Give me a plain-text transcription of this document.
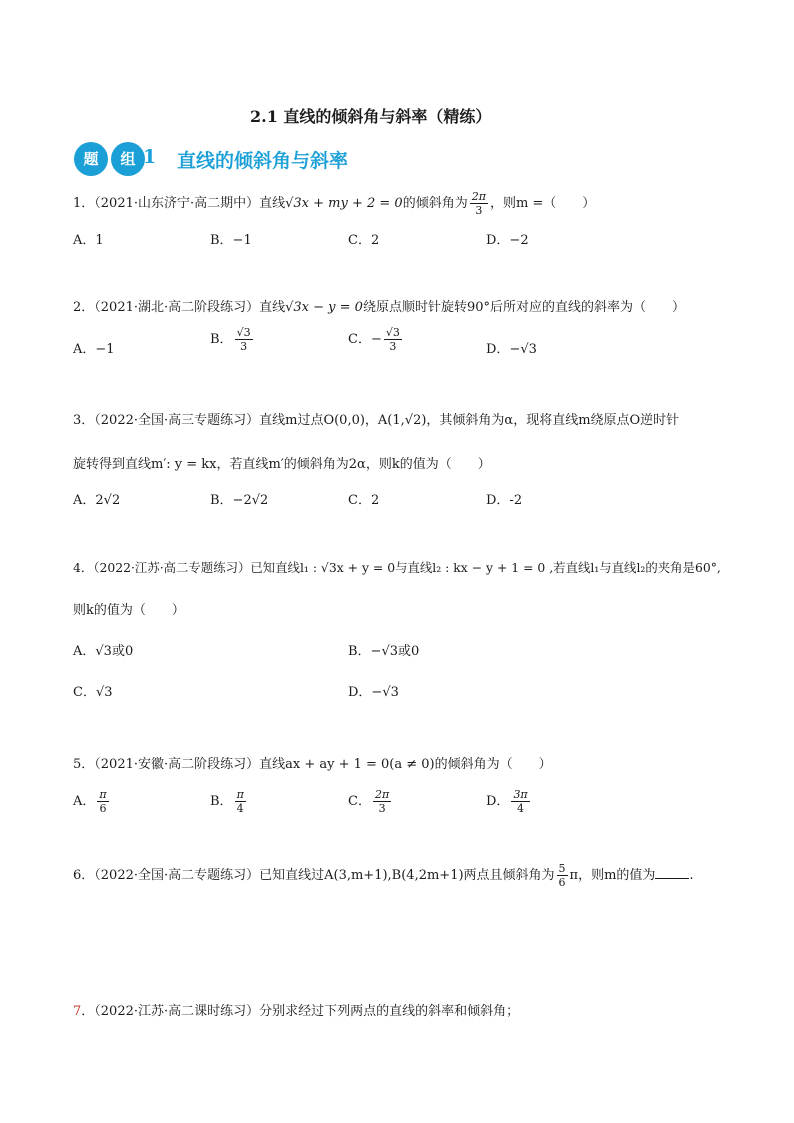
2.1 直线的倾斜角与斜率（精练）
题	组 1 直线的倾斜角与斜率
1．（2021·山东济宁·高二期中）直线√3x + my + 2 = 0的倾斜角为 $\frac{2\pi}{3}$ ，则m =（　　）
A．1	B．−1	C．2	D．−2
2．（2021·湖北·高二阶段练习）直线√3x − y = 0绕原点顺时针旋转90°后所对应的直线的斜率为（　　）
A．−1
B． $\frac{√3}{3}$	C．− $\frac{√3}{3}$	D．−√3
3．（2022·全国·高三专题练习）直线m过点O(0,0)，A(1,√2)，其倾斜角为α，现将直线m绕原点O逆时针
旋转得到直线m′: y = kx，若直线m′的倾斜角为2α，则k的值为（　　）
A．2√2	B．−2√2	C．2	D．-2
4．（2022·江苏·高二专题练习）已知直线l₁ : √3x + y = 0与直线l₂ : kx − y + 1 = 0 ,若直线l₁与直线l₂的夹角是60°,
则k的值为（　　）
A．√3或0	B．−√3或0
C．√3	D．−√3
5．（2021·安徽·高二阶段练习）直线ax + ay + 1 = 0(a ≠ 0)的倾斜角为（　　）
A． $\frac{\pi}{6}$	B． $\frac{\pi}{4}$	C． $\frac{2\pi}{3}$	D． $\frac{3\pi}{4}$
6．（2022·全国·高二专题练习）已知直线过A(3,m+1),B(4,2m+1)两点且倾斜角为 $\frac{5}{6}$ π，则m的值为	.
7．（2022·江苏·高二课时练习）分别求经过下列两点的直线的斜率和倾斜角；
